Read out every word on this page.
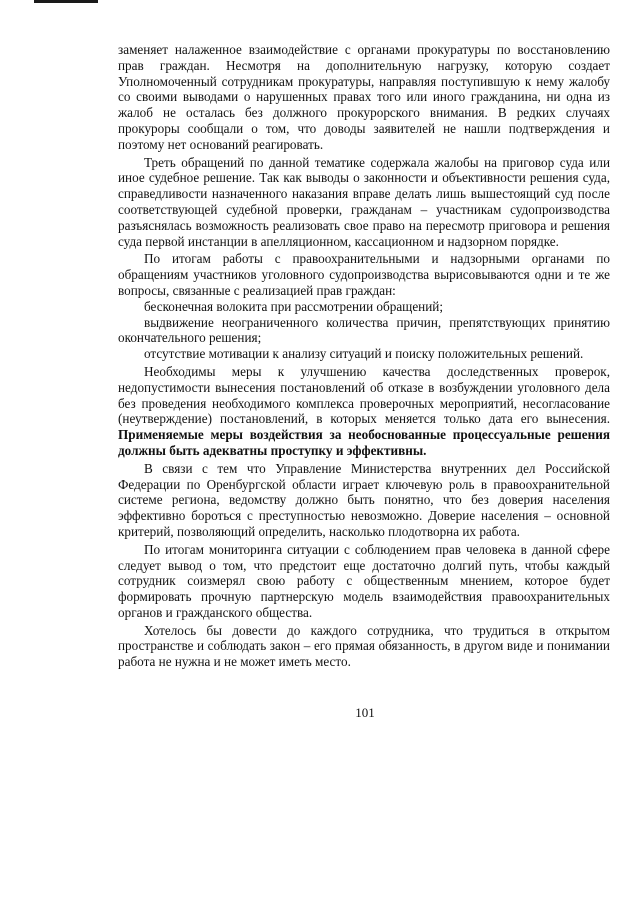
заменяет налаженное взаимодействие с органами прокуратуры по восстановлению прав граждан. Несмотря на дополнительную нагрузку, которую создает Уполномоченный сотрудникам прокуратуры, направляя поступившую к нему жалобу со своими выводами о нарушенных правах того или иного гражданина, ни одна из жалоб не осталась без должного прокурорского внимания. В редких случаях прокуроры сообщали о том, что доводы заявителей не нашли подтверждения и поэтому нет оснований реагировать.

Треть обращений по данной тематике содержала жалобы на приговор суда или иное судебное решение. Так как выводы о законности и объективности решения суда, справедливости назначенного наказания вправе делать лишь вышестоящий суд после соответствующей судебной проверки, гражданам – участникам судопроизводства разъяснялась возможность реализовать свое право на пересмотр приговора и решения суда первой инстанции в апелляционном, кассационном и надзорном порядке.

По итогам работы с правоохранительными и надзорными органами по обращениям участников уголовного судопроизводства вырисовываются одни и те же вопросы, связанные с реализацией прав граждан:

бесконечная волокита при рассмотрении обращений;

выдвижение неограниченного количества причин, препятствующих принятию окончательного решения;

отсутствие мотивации к анализу ситуаций и поиску положительных решений.

Необходимы меры к улучшению качества доследственных проверок, недопустимости вынесения постановлений об отказе в возбуждении уголовного дела без проведения необходимого комплекса проверочных мероприятий, несогласование (неутверждение) постановлений, в которых меняется только дата его вынесения. Применяемые меры воздействия за необоснованные процессуальные решения должны быть адекватны проступку и эффективны.

В связи с тем что Управление Министерства внутренних дел Российской Федерации по Оренбургской области играет ключевую роль в правоохранительной системе региона, ведомству должно быть понятно, что без доверия населения эффективно бороться с преступностью невозможно. Доверие населения – основной критерий, позволяющий определить, насколько плодотворна их работа.

По итогам мониторинга ситуации с соблюдением прав человека в данной сфере следует вывод о том, что предстоит еще достаточно долгий путь, чтобы каждый сотрудник соизмерял свою работу с общественным мнением, которое будет формировать прочную партнерскую модель взаимодействия правоохранительных органов и гражданского общества.

Хотелось бы довести до каждого сотрудника, что трудиться в открытом пространстве и соблюдать закон – его прямая обязанность, в другом виде и понимании работа не нужна и не может иметь место.

101
